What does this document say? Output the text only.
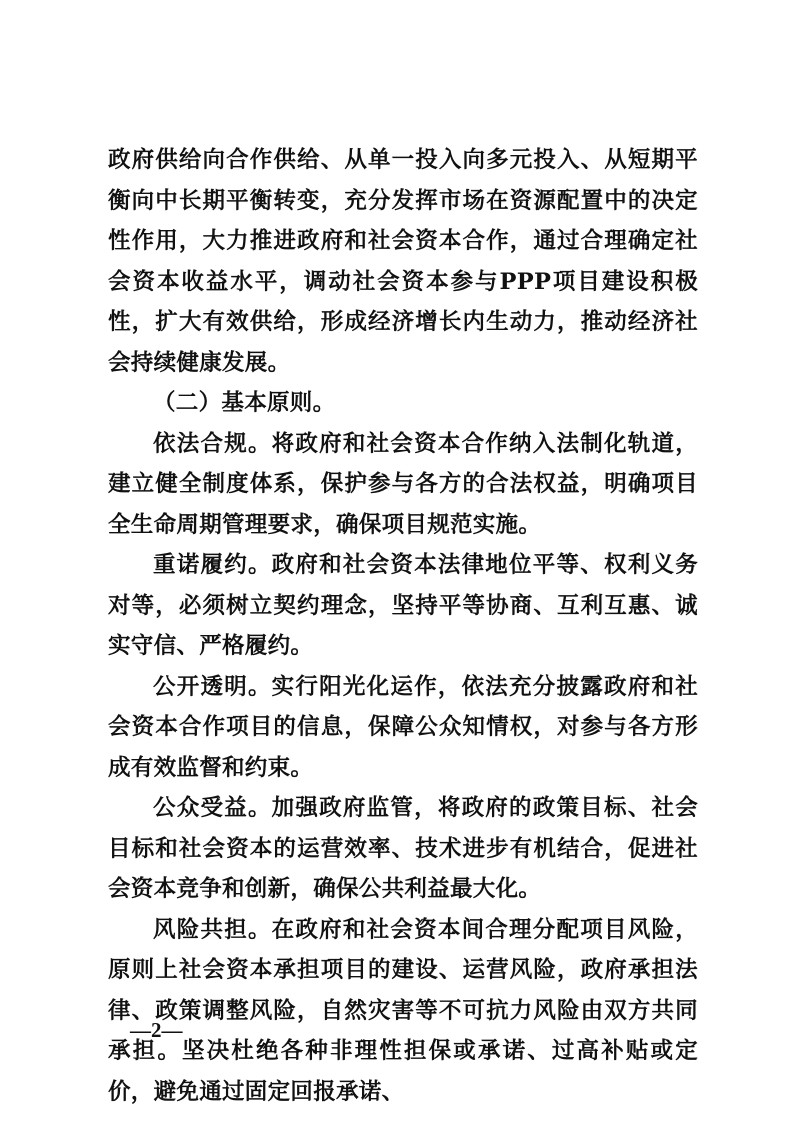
政府供给向合作供给、从单一投入向多元投入、从短期平衡向中长期平衡转变，充分发挥市场在资源配置中的决定性作用，大力推进政府和社会资本合作，通过合理确定社会资本收益水平，调动社会资本参与PPP项目建设积极性，扩大有效供给，形成经济增长内生动力，推动经济社会持续健康发展。

（二）基本原则。

依法合规。将政府和社会资本合作纳入法制化轨道，建立健全制度体系，保护参与各方的合法权益，明确项目全生命周期管理要求，确保项目规范实施。

重诺履约。政府和社会资本法律地位平等、权利义务对等，必须树立契约理念，坚持平等协商、互利互惠、诚实守信、严格履约。

公开透明。实行阳光化运作，依法充分披露政府和社会资本合作项目的信息，保障公众知情权，对参与各方形成有效监督和约束。

公众受益。加强政府监管，将政府的政策目标、社会目标和社会资本的运营效率、技术进步有机结合，促进社会资本竞争和创新，确保公共利益最大化。

风险共担。在政府和社会资本间合理分配项目风险，原则上社会资本承担项目的建设、运营风险，政府承担法律、政策调整风险，自然灾害等不可抗力风险由双方共同承担。坚决杜绝各种非理性担保或承诺、过高补贴或定价，避免通过固定回报承诺、

—2—
